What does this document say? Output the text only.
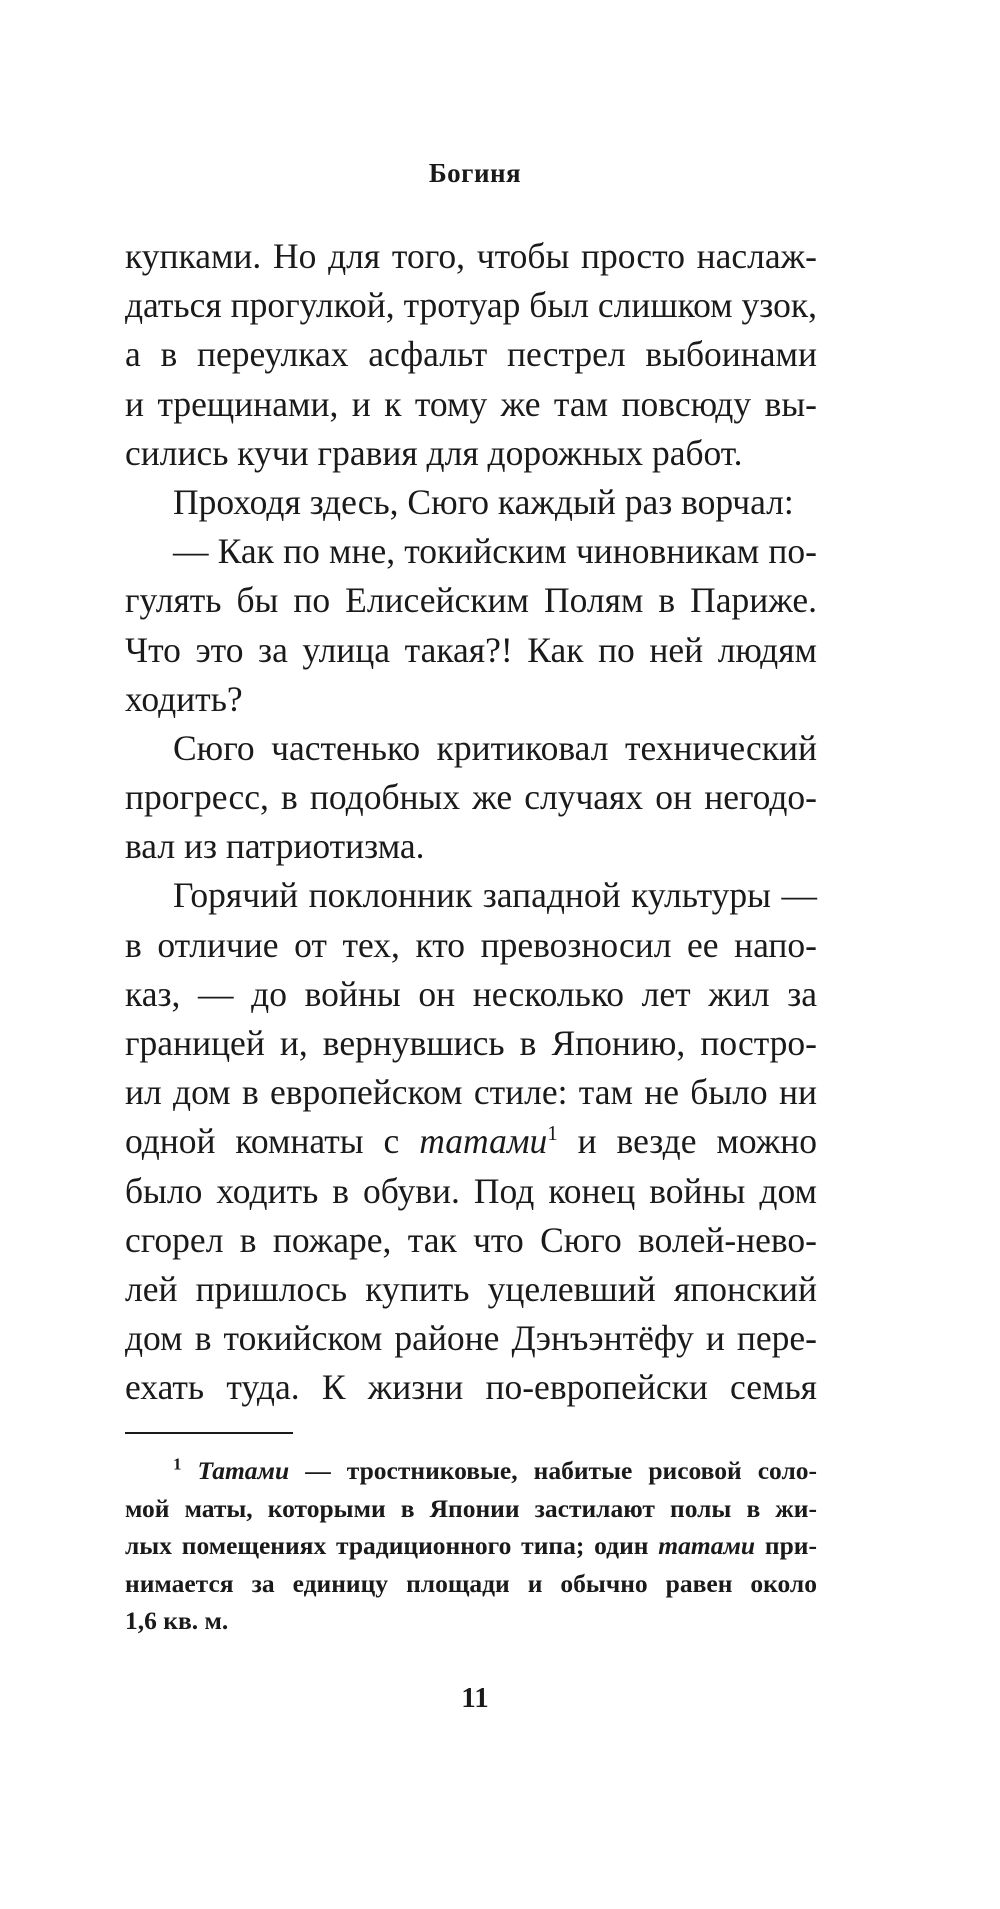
Богиня
купками. Но для того, чтобы просто наслаж-
даться прогулкой, тротуар был слишком узок,
а в переулках асфальт пестрел выбоинами
и трещинами, и к тому же там повсюду вы-
сились кучи гравия для дорожных работ.
Проходя здесь, Сюго каждый раз ворчал:
— Как по мне, токийским чиновникам по-
гулять бы по Елисейским Полям в Париже.
Что это за улица такая?! Как по ней людям
ходить?
Сюго частенько критиковал технический
прогресс, в подобных же случаях он негодо-
вал из патриотизма.
Горячий поклонник западной культуры —
в отличие от тех, кто превозносил ее напо-
каз, — до войны он несколько лет жил за
границей и, вернувшись в Японию, постро-
ил дом в европейском стиле: там не было ни
одной комнаты с татами$^1$ и везде можно
было ходить в обуви. Под конец войны дом
сгорел в пожаре, так что Сюго волей-нево-
лей пришлось купить уцелевший японский
дом в токийском районе Дэнъэнтёфу и пере-
ехать туда. К жизни по-европейски семья
$^1$ Татами — тростниковые, набитые рисовой соло-
мой маты, которыми в Японии застилают полы в жи-
лых помещениях традиционного типа; один татами при-
нимается за единицу площади и обычно равен около
1,6 кв. м.
11
